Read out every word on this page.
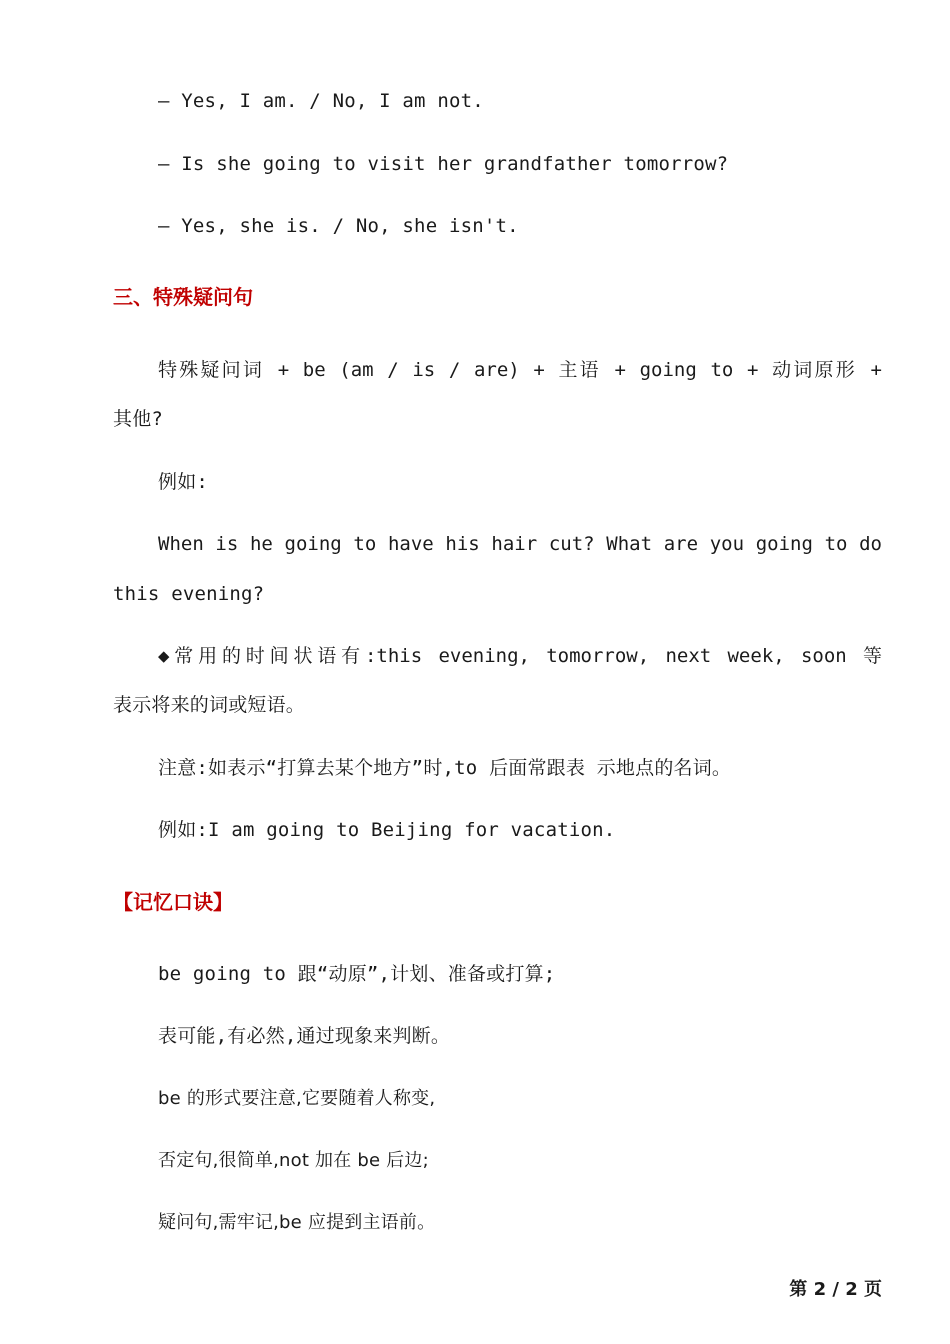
— Yes, I am. / No, I am not.
— Is she going to visit her grandfather tomorrow?
— Yes, she is. / No, she isn't.
三、特殊疑问句
特殊疑问词 + be (am / is / are) + 主语 + going to + 动词原形 +
其他?
例如:
When is he going to have his hair cut? What are you going to do
this evening?
◆常用的时间状语有:this evening, tomorrow, next week, soon 等
表示将来的词或短语。
注意:如表示“打算去某个地方”时,to 后面常跟表 示地点的名词。
例如:I am going to Beijing for vacation.
【记忆口诀】
be going to 跟“动原”,计划、准备或打算;
表可能,有必然,通过现象来判断。
be 的形式要注意,它要随着人称变,
否定句,很简单,not 加在 be 后边;
疑问句,需牢记,be 应提到主语前。
第 2 / 2 页
